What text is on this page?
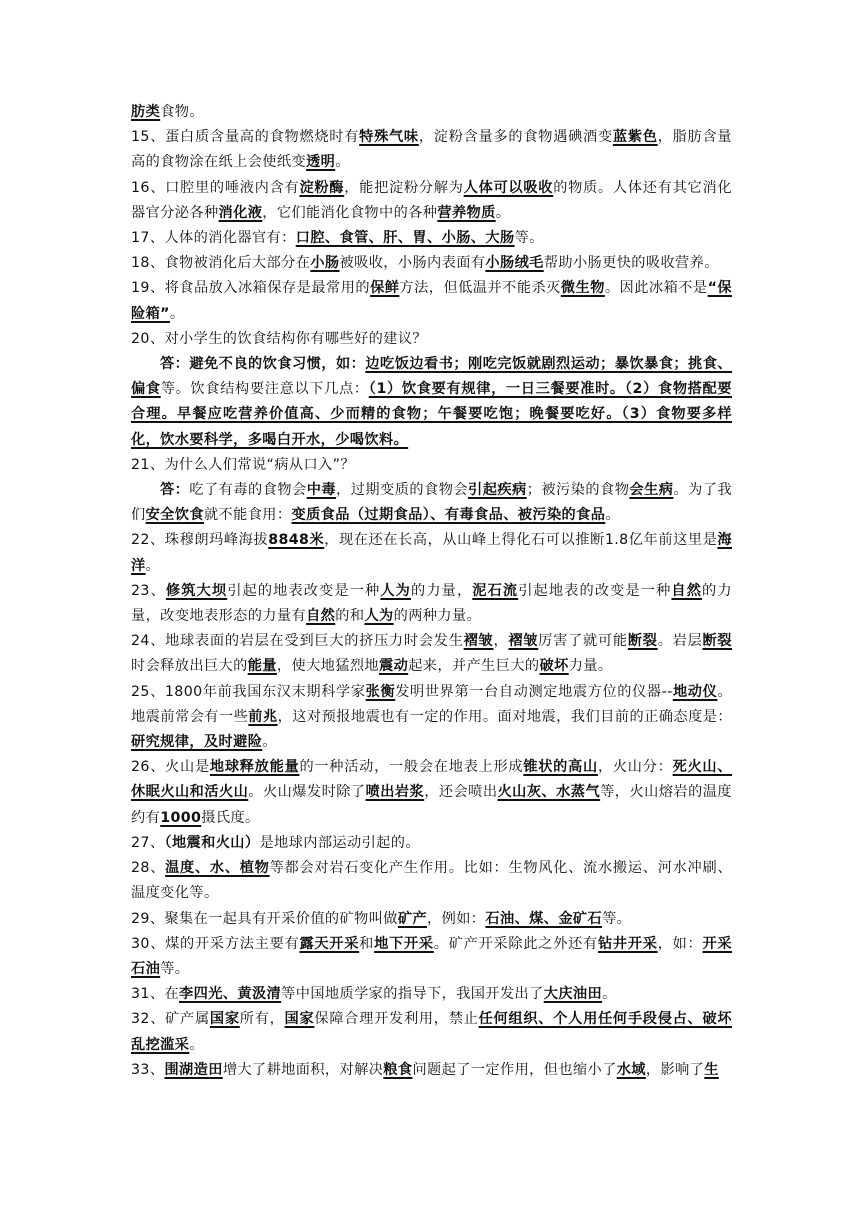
肪类食物。

15、蛋白质含量高的食物燃烧时有特殊气味，淀粉含量多的食物遇碘酒变蓝紫色，脂肪含量高的食物涂在纸上会使纸变透明。

16、口腔里的唾液内含有淀粉酶，能把淀粉分解为人体可以吸收的物质。人体还有其它消化器官分泌各种消化液，它们能消化食物中的各种营养物质。

17、人体的消化器官有：口腔、食管、肝、胃、小肠、大肠等。

18、食物被消化后大部分在小肠被吸收，小肠内表面有小肠绒毛帮助小肠更快的吸收营养。

19、将食品放入冰箱保存是最常用的保鲜方法，但低温并不能杀灭微生物。因此冰箱不是“保险箱”。

20、对小学生的饮食结构你有哪些好的建议？

答：避免不良的饮食习惯，如：边吃饭边看书；刚吃完饭就剧烈运动；暴饮暴食；挑食、偏食等。饮食结构要注意以下几点：（1）饮食要有规律，一日三餐要准时。（2）食物搭配要合理。早餐应吃营养价值高、少而精的食物；午餐要吃饱；晚餐要吃好。（3）食物要多样化，饮水要科学，多喝白开水，少喝饮料。

21、为什么人们常说“病从口入”？

答：吃了有毒的食物会中毒，过期变质的食物会引起疾病；被污染的食物会生病。为了我们安全饮食就不能食用：变质食品（过期食品）、有毒食品、被污染的食品。

22、珠穆朗玛峰海拔8848米，现在还在长高，从山峰上得化石可以推断1.8亿年前这里是海洋。

23、修筑大坝引起的地表改变是一种人为的力量，泥石流引起地表的改变是一种自然的力量，改变地表形态的力量有自然的和人为的两种力量。

24、地球表面的岩层在受到巨大的挤压力时会发生褶皱，褶皱厉害了就可能断裂。岩层断裂时会释放出巨大的能量，使大地猛烈地震动起来，并产生巨大的破坏力量。

25、1800年前我国东汉末期科学家张衡发明世界第一台自动测定地震方位的仪器--地动仪。地震前常会有一些前兆，这对预报地震也有一定的作用。面对地震，我们目前的正确态度是：研究规律，及时避险。

26、火山是地球释放能量的一种活动，一般会在地表上形成锥状的高山，火山分：死火山、休眠火山和活火山。火山爆发时除了喷出岩浆，还会喷出火山灰、水蒸气等，火山熔岩的温度约有1000摄氏度。

27、（地震和火山）是地球内部运动引起的。

28、温度、水、植物等都会对岩石变化产生作用。比如：生物风化、流水搬运、河水冲刷、温度变化等。

29、聚集在一起具有开采价值的矿物叫做矿产，例如：石油、煤、金矿石等。

30、煤的开采方法主要有露天开采和地下开采。矿产开采除此之外还有钻井开采，如：开采石油等。

31、在李四光、黄汲清等中国地质学家的指导下，我国开发出了大庆油田。

32、矿产属国家所有，国家保障合理开发利用，禁止任何组织、个人用任何手段侵占、破坏乱挖滥采。

33、围湖造田增大了耕地面积，对解决粮食问题起了一定作用，但也缩小了水域，影响了生
